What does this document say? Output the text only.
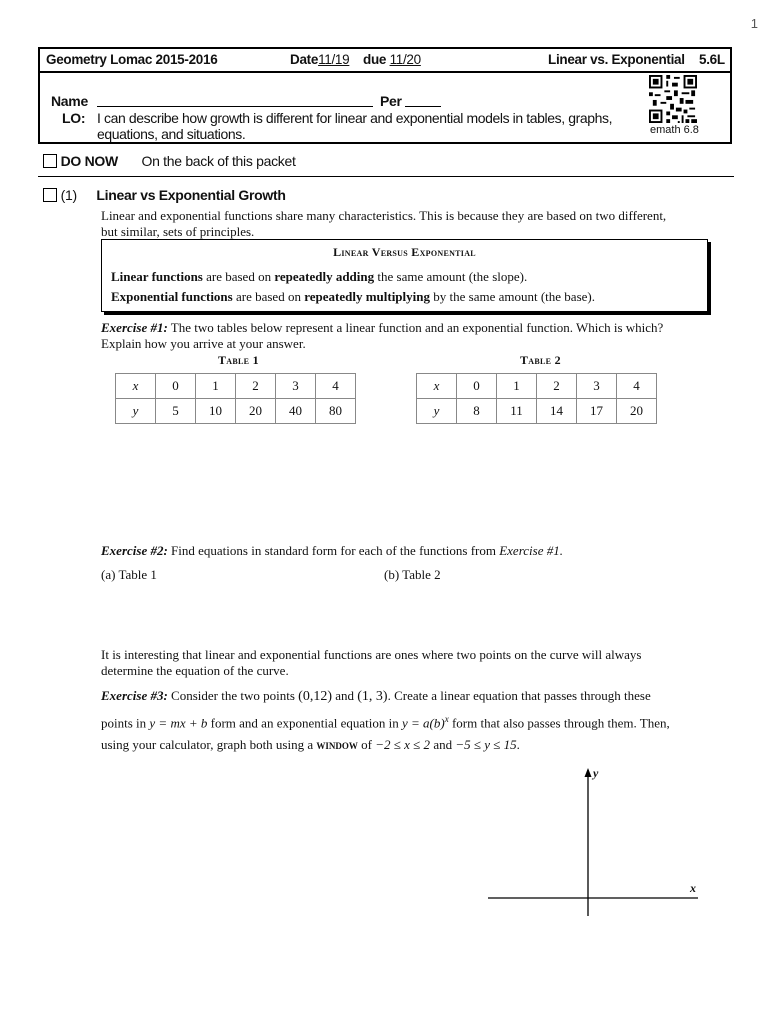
1
Geometry Lomac 2015-2016	Date11/19 due 11/20	Linear vs. Exponential 5.6L
Name	Per
LO: I can describe how growth is different for linear and exponential models in tables, graphs,
equations, and situations.	emath 6.8
DO NOW On the back of this packet
(1) Linear vs Exponential Growth
Linear and exponential functions share many characteristics. This is because they are based on two different,
but similar, sets of principles.
Linear Versus Exponential
Linear functions are based on repeatedly adding the same amount (the slope).
Exponential functions are based on repeatedly multiplying by the same amount (the base).
Exercise #1: The two tables below represent a linear function and an exponential function. Which is which?
Explain how you arrive at your answer.
Table 1
x	0	1	2	3	4
y	5	10	20	40	80
Table 2
x	0	1	2	3	4
y	8	11	14	17	20
Exercise #2: Find equations in standard form for each of the functions from Exercise #1.
(a) Table 1	(b) Table 2
It is interesting that linear and exponential functions are ones where two points on the curve will always
determine the equation of the curve.
Exercise #3: Consider the two points (0,12) and (1, 3). Create a linear equation that passes through these
points in y = mx + b form and an exponential equation in $y = a(b)^x$ form that also passes through them. Then,
using your calculator, graph both using a window of −2 ≤ x ≤ 2 and −5 ≤ y ≤ 15.
y
x
